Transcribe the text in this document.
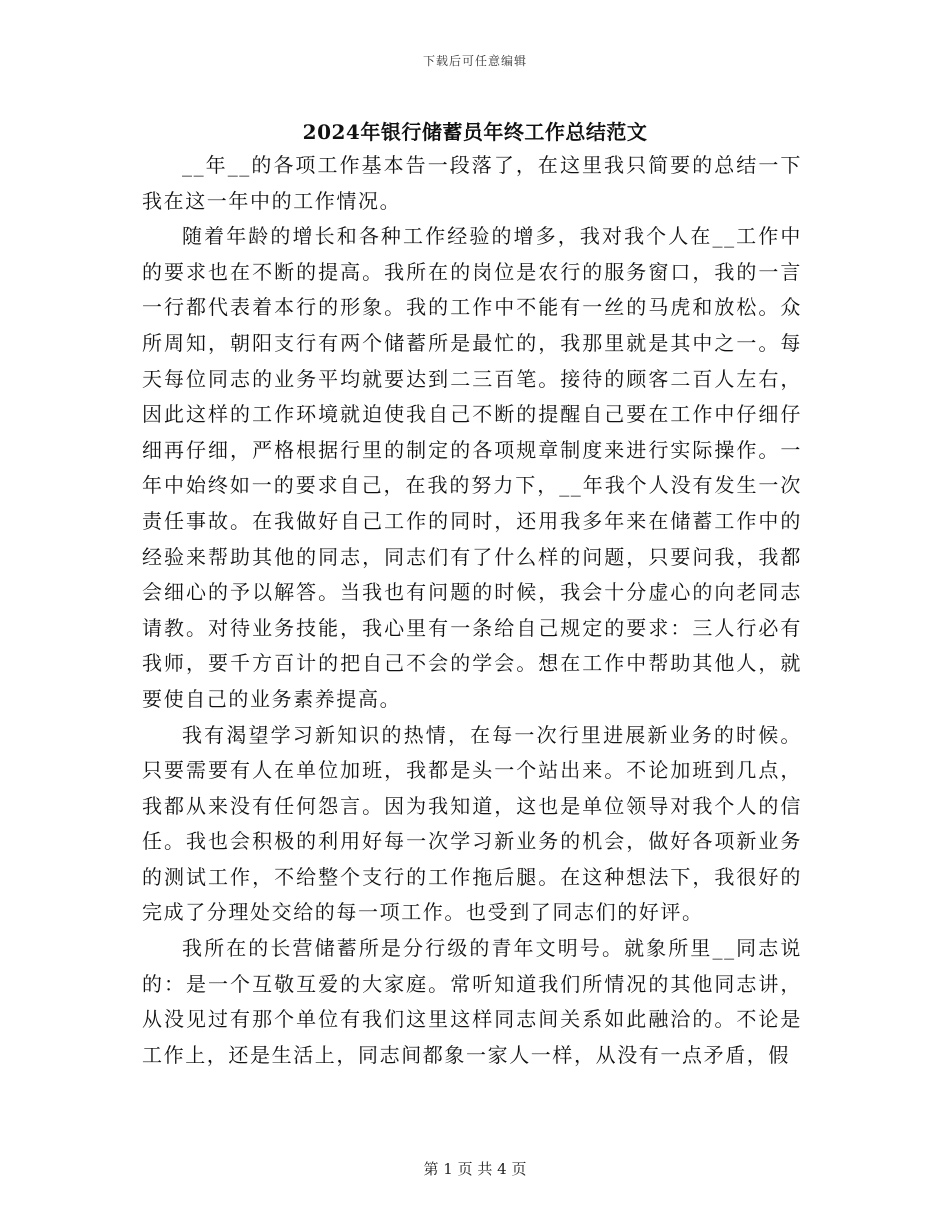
下载后可任意编辑
2024年银行储蓄员年终工作总结范文

__年__的各项工作基本告一段落了，在这里我只简要的总结一下我在这一年中的工作情况。

随着年龄的增长和各种工作经验的增多，我对我个人在__工作中的要求也在不断的提高。我所在的岗位是农行的服务窗口，我的一言一行都代表着本行的形象。我的工作中不能有一丝的马虎和放松。众所周知，朝阳支行有两个储蓄所是最忙的，我那里就是其中之一。每天每位同志的业务平均就要达到二三百笔。接待的顾客二百人左右，因此这样的工作环境就迫使我自己不断的提醒自己要在工作中仔细仔细再仔细，严格根据行里的制定的各项规章制度来进行实际操作。一年中始终如一的要求自己，在我的努力下，__年我个人没有发生一次责任事故。在我做好自己工作的同时，还用我多年来在储蓄工作中的经验来帮助其他的同志，同志们有了什么样的问题，只要问我，我都会细心的予以解答。当我也有问题的时候，我会十分虚心的向老同志请教。对待业务技能，我心里有一条给自己规定的要求：三人行必有我师，要千方百计的把自己不会的学会。想在工作中帮助其他人，就要使自己的业务素养提高。

我有渴望学习新知识的热情，在每一次行里进展新业务的时候。只要需要有人在单位加班，我都是头一个站出来。不论加班到几点，我都从来没有任何怨言。因为我知道，这也是单位领导对我个人的信任。我也会积极的利用好每一次学习新业务的机会，做好各项新业务的测试工作，不给整个支行的工作拖后腿。在这种想法下，我很好的完成了分理处交给的每一项工作。也受到了同志们的好评。

我所在的长营储蓄所是分行级的青年文明号。就象所里__同志说的：是一个互敬互爱的大家庭。常听知道我们所情况的其他同志讲，从没见过有那个单位有我们这里这样同志间关系如此融洽的。不论是工作上，还是生活上，同志间都象一家人一样，从没有一点矛盾，假

第 1 页 共 4 页
